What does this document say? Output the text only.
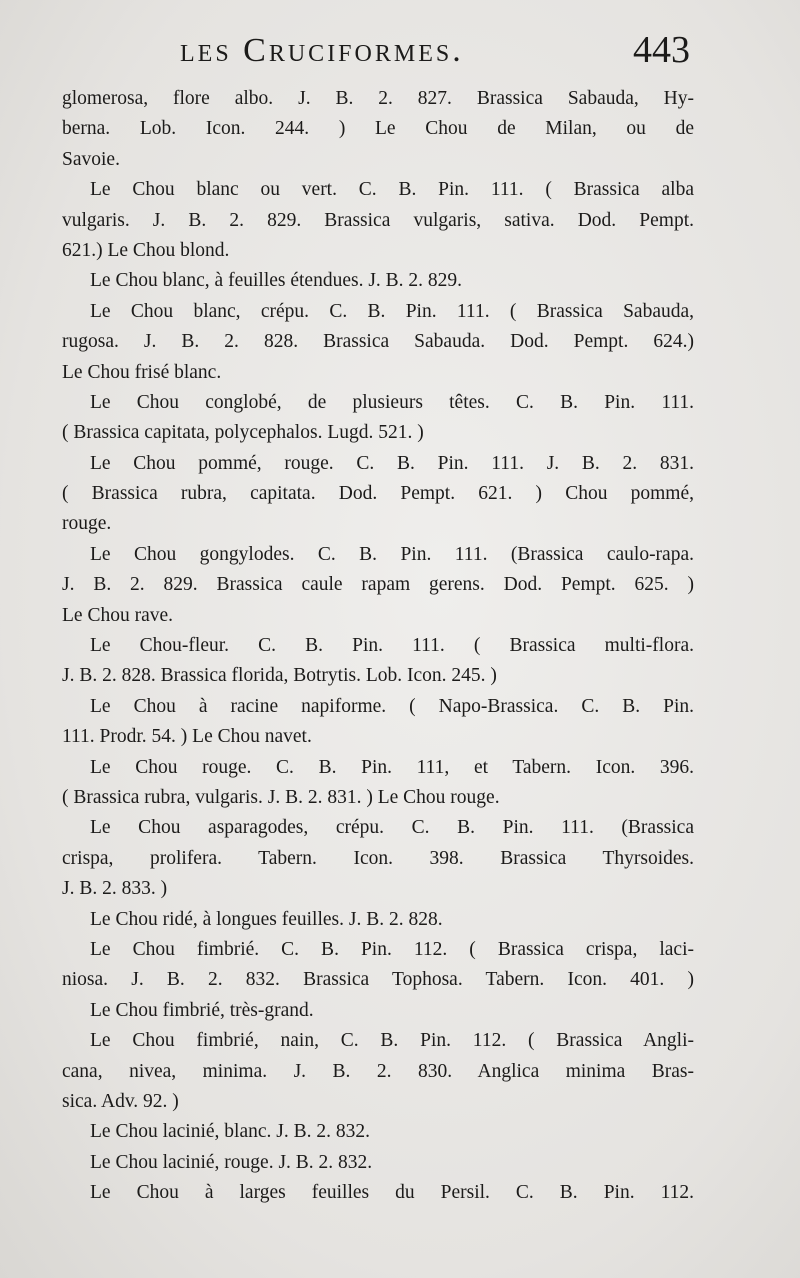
les Cruciformes.	443
glomerosa, flore albo. J. B. 2. 827. Brassica Sabauda, Hy-
berna. Lob. Icon. 244. ) Le Chou de Milan, ou de
Savoie.
Le Chou blanc ou vert. C. B. Pin. 111. ( Brassica alba
vulgaris. J. B. 2. 829. Brassica vulgaris, sativa. Dod. Pempt.
621.) Le Chou blond.
Le Chou blanc, à feuilles étendues. J. B. 2. 829.
Le Chou blanc, crépu. C. B. Pin. 111. ( Brassica Sabauda,
rugosa. J. B. 2. 828. Brassica Sabauda. Dod. Pempt. 624.)
Le Chou frisé blanc.
Le Chou conglobé, de plusieurs têtes. C. B. Pin. 111.
( Brassica capitata, polycephalos. Lugd. 521. )
Le Chou pommé, rouge. C. B. Pin. 111. J. B. 2. 831.
( Brassica rubra, capitata. Dod. Pempt. 621. ) Chou pommé,
rouge.
Le Chou gongylodes. C. B. Pin. 111. (Brassica caulo-rapa.
J. B. 2. 829. Brassica caule rapam gerens. Dod. Pempt. 625. )
Le Chou rave.
Le Chou-fleur. C. B. Pin. 111. ( Brassica multi-flora.
J. B. 2. 828. Brassica florida, Botrytis. Lob. Icon. 245. )
Le Chou à racine napiforme. ( Napo-Brassica. C. B. Pin.
111. Prodr. 54. ) Le Chou navet.
Le Chou rouge. C. B. Pin. 111, et Tabern. Icon. 396.
( Brassica rubra, vulgaris. J. B. 2. 831. ) Le Chou rouge.
Le Chou asparagodes, crépu. C. B. Pin. 111. (Brassica
crispa, prolifera. Tabern. Icon. 398. Brassica Thyrsoides.
J. B. 2. 833. )
Le Chou ridé, à longues feuilles. J. B. 2. 828.
Le Chou fimbrié. C. B. Pin. 112. ( Brassica crispa, laci-
niosa. J. B. 2. 832. Brassica Tophosa. Tabern. Icon. 401. )
Le Chou fimbrié, très-grand.
Le Chou fimbrié, nain, C. B. Pin. 112. ( Brassica Angli-
cana, nivea, minima. J. B. 2. 830. Anglica minima Bras-
sica. Adv. 92. )
Le Chou lacinié, blanc. J. B. 2. 832.
Le Chou lacinié, rouge. J. B. 2. 832.
Le Chou à larges feuilles du Persil. C. B. Pin. 112.
